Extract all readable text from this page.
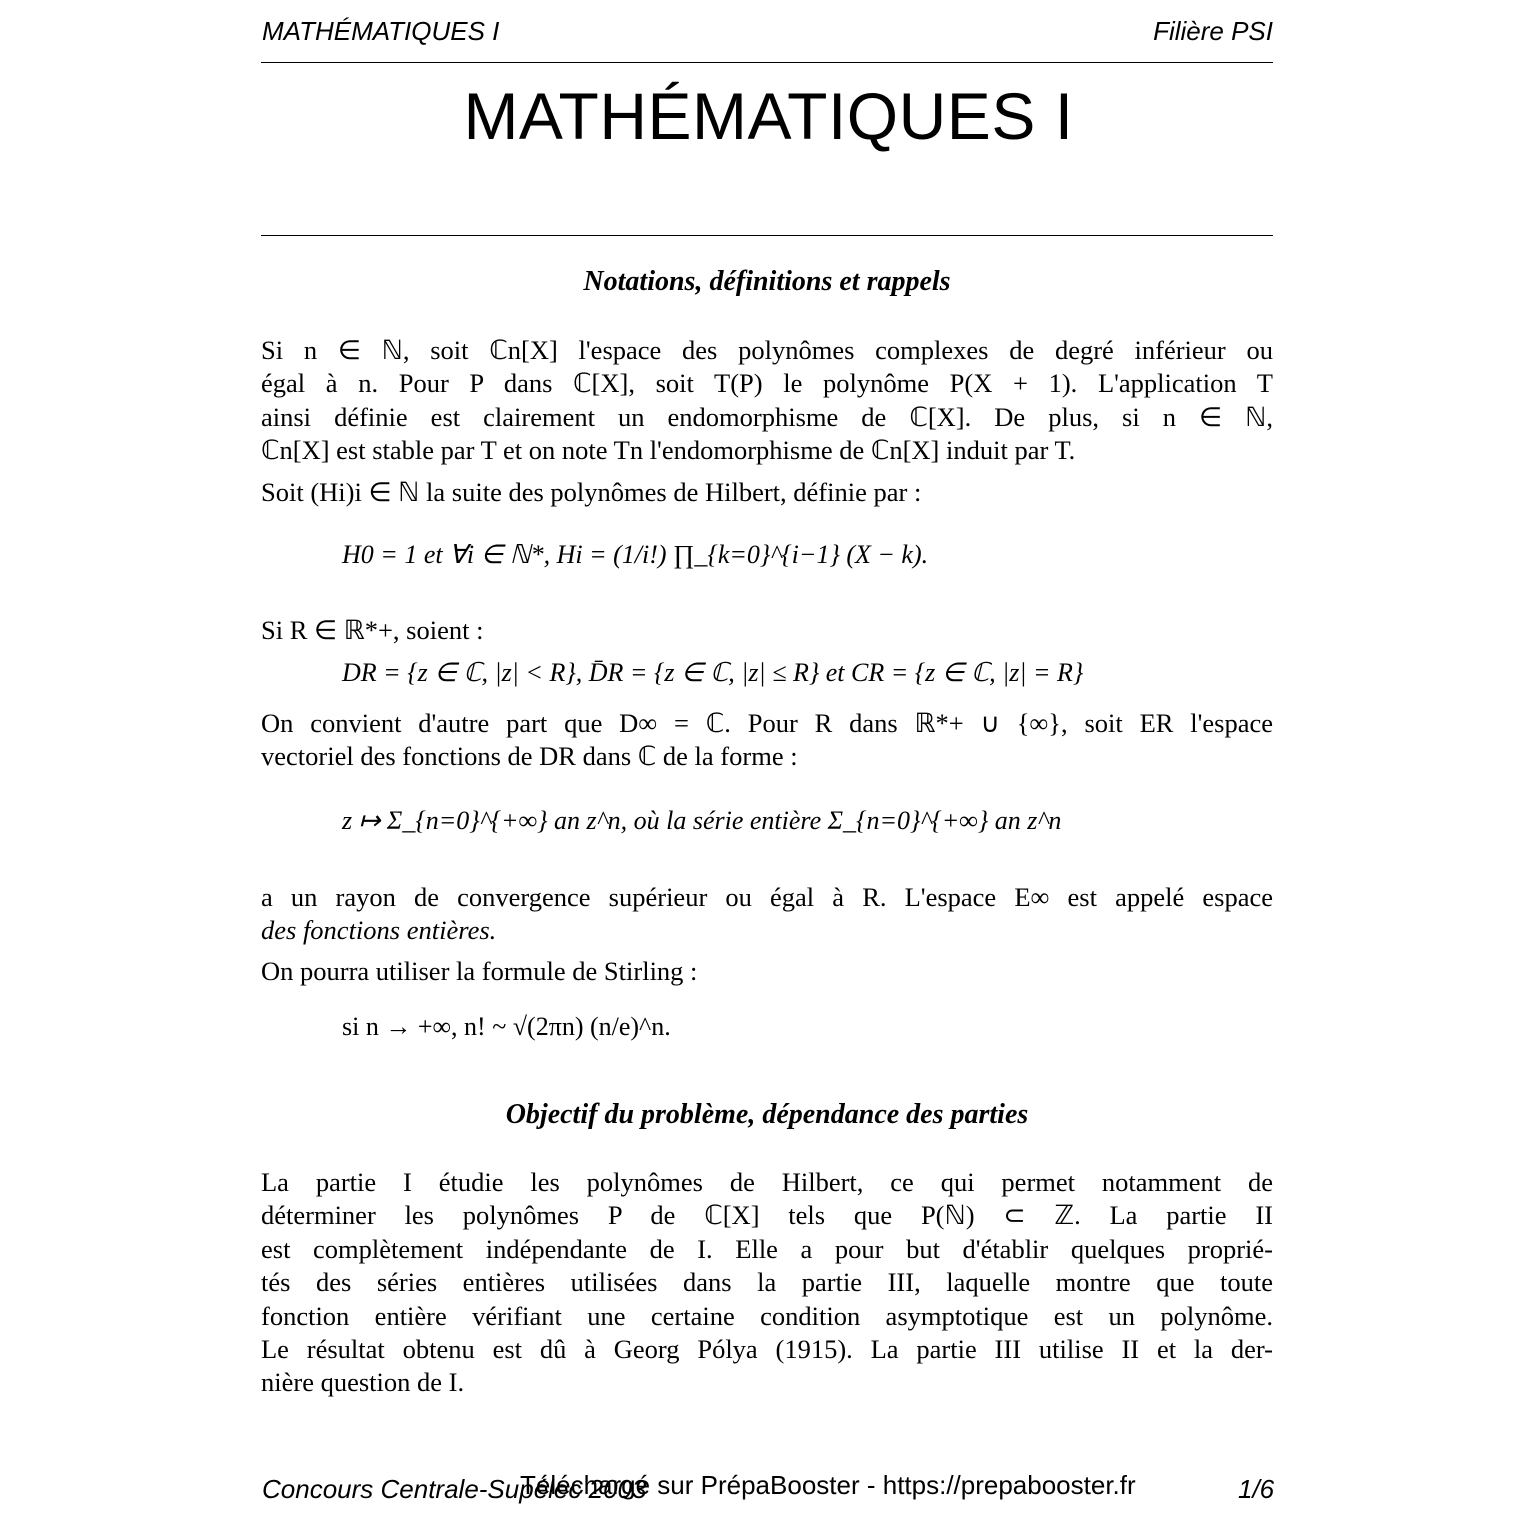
MATHÉMATIQUES I	Filière PSI
MATHÉMATIQUES I
Notations, définitions et rappels
Si n ∈ ℕ, soit ℂn[X] l'espace des polynômes complexes de degré inférieur ou
égal à n. Pour P dans ℂ[X], soit T(P) le polynôme P(X + 1). L'application T
ainsi définie est clairement un endomorphisme de ℂ[X]. De plus, si n ∈ ℕ,
ℂn[X] est stable par T et on note Tn l'endomorphisme de ℂn[X] induit par T.
Soit (Hi)i ∈ ℕ la suite des polynômes de Hilbert, définie par :
H0 = 1 et ∀i ∈ ℕ*, Hi = (1/i!) ∏_{k=0}^{i−1} (X − k).
Si R ∈ ℝ*+, soient :
DR = {z ∈ ℂ, |z| < R}, D̄R = {z ∈ ℂ, |z| ≤ R} et CR = {z ∈ ℂ, |z| = R}
On convient d'autre part que D∞ = ℂ. Pour R dans ℝ*+ ∪ {∞}, soit ER l'espace
vectoriel des fonctions de DR dans ℂ de la forme :
z ↦ Σ_{n=0}^{+∞} an z^n, où la série entière Σ_{n=0}^{+∞} an z^n
a un rayon de convergence supérieur ou égal à R. L'espace E∞ est appelé espace
des fonctions entières.
On pourra utiliser la formule de Stirling :
si n → +∞, n! ~ √(2πn) (n/e)^n.
Objectif du problème, dépendance des parties
La partie I étudie les polynômes de Hilbert, ce qui permet notamment de
déterminer les polynômes P de ℂ[X] tels que P(ℕ) ⊂ ℤ. La partie II
est complètement indépendante de I. Elle a pour but d'établir quelques proprié-
tés des séries entières utilisées dans la partie III, laquelle montre que toute
fonction entière vérifiant une certaine condition asymptotique est un polynôme.
Le résultat obtenu est dû à Georg Pólya (1915). La partie III utilise II et la der-
nière question de I.
Concours Centrale-Supélec 2003
Téléchargé sur PrépaBooster - https://prepabooster.fr	1/6
